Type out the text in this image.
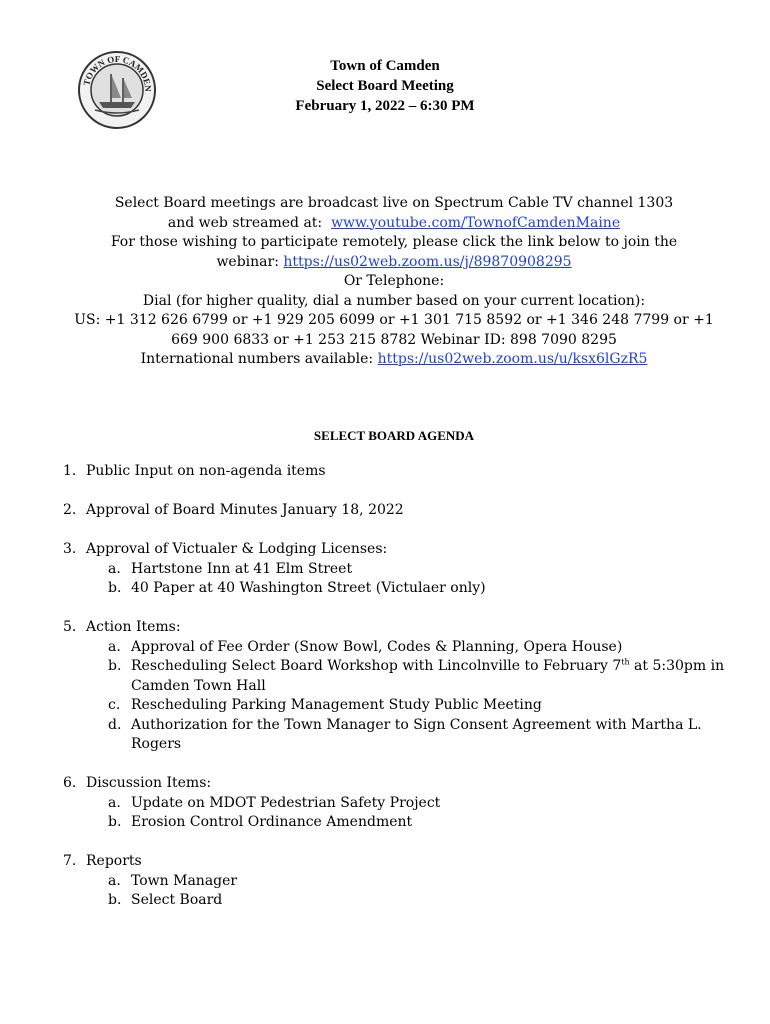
TOWN OF CAMDEN
Town of Camden
Select Board Meeting
February 1, 2022 – 6:30 PM
Select Board meetings are broadcast live on Spectrum Cable TV channel 1303
and web streamed at: www.youtube.com/TownofCamdenMaine
For those wishing to participate remotely, please click the link below to join the
webinar: https://us02web.zoom.us/j/89870908295
Or Telephone:
Dial (for higher quality, dial a number based on your current location):
US: +1 312 626 6799 or +1 929 205 6099 or +1 301 715 8592 or +1 346 248 7799 or +1
669 900 6833 or +1 253 215 8782 Webinar ID: 898 7090 8295
International numbers available: https://us02web.zoom.us/u/ksx6lGzR5
SELECT BOARD AGENDA
1. Public Input on non-agenda items
2. Approval of Board Minutes January 18, 2022
3. Approval of Victualer & Lodging Licenses:
a. Hartstone Inn at 41 Elm Street
b. 40 Paper at 40 Washington Street (Victulaer only)
5. Action Items:
a. Approval of Fee Order (Snow Bowl, Codes & Planning, Opera House)
b. Rescheduling Select Board Workshop with Lincolnville to February 7th at 5:30pm in Camden Town Hall
c. Rescheduling Parking Management Study Public Meeting
d. Authorization for the Town Manager to Sign Consent Agreement with Martha L. Rogers
6. Discussion Items:
a. Update on MDOT Pedestrian Safety Project
b. Erosion Control Ordinance Amendment
7. Reports
a. Town Manager
b. Select Board
